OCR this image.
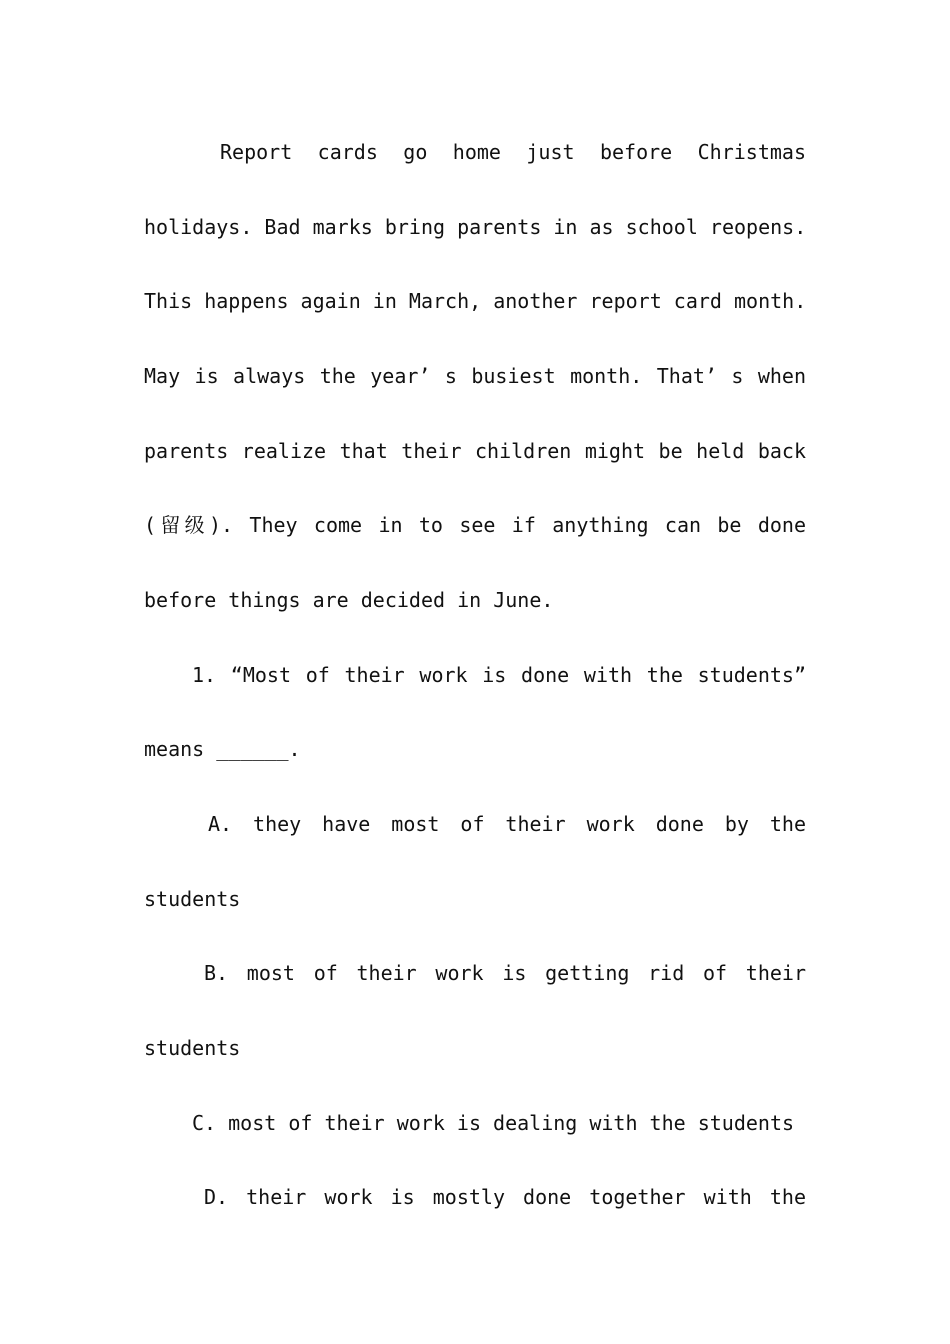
Report cards go home just before Christmas
holidays. Bad marks bring parents in as school reopens.
This happens again in March, another report card month.
May is always the year’ s busiest month. That’ s when
parents realize that their children might be held back
(留级). They come in to see if anything can be done
before things are decided in June.
1. “Most of their work is done with the students”
means ______.
A. they have most of their work done by the
students
B. most of their work is getting rid of their
students
C. most of their work is dealing with the students
D. their work is mostly done together with the
